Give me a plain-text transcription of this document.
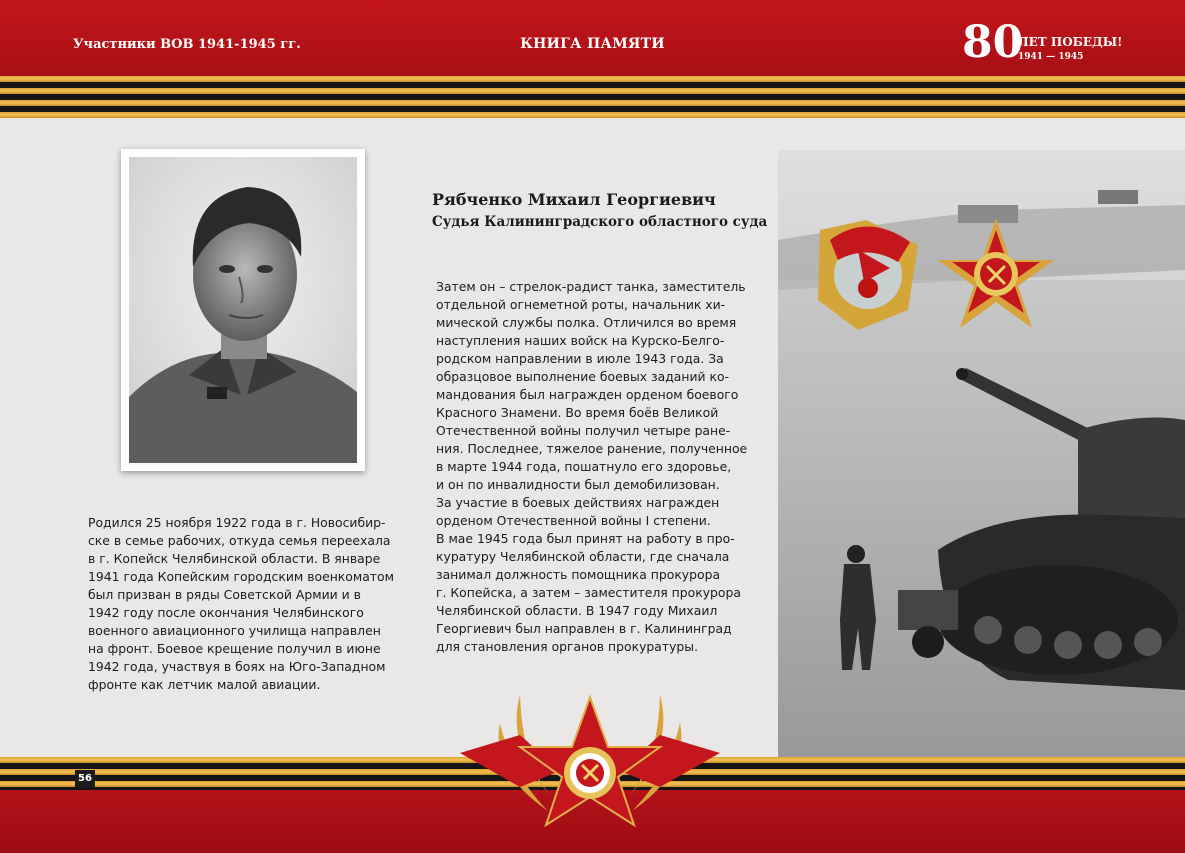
Участники ВОВ 1941-1945 гг.	КНИГА ПАМЯТИ	80
ЛЕТ ПОБЕДЫ!
1941 — 1945
Рябченко Михаил Георгиевич
Судья Калининградского областного суда
Родился 25 ноября 1922 года в г. Новосибир-
ске в семье рабочих, откуда семья переехала
в г. Копейск Челябинской области. В январе
1941 года Копейским городским военкоматом
был призван в ряды Советской Армии и в
1942 году после окончания Челябинского
военного авиационного училища направлен
на фронт. Боевое крещение получил в июне
1942 года, участвуя в боях на Юго-Западном
фронте как летчик малой авиации.
Затем он – стрелок-радист танка, заместитель
отдельной огнеметной роты, начальник хи-
мической службы полка. Отличился во время
наступления наших войск на Курско-Белго-
родском направлении в июле 1943 года. За
образцовое выполнение боевых заданий ко-
мандования был награжден орденом боевого
Красного Знамени. Во время боёв Великой
Отечественной войны получил четыре ране-
ния. Последнее, тяжелое ранение, полученное
в марте 1944 года, пошатнуло его здоровье,
и он по инвалидности был демобилизован.
За участие в боевых действиях награжден
орденом Отечественной войны I степени.
В мае 1945 года был принят на работу в про-
куратуру Челябинской области, где сначала
занимал должность помощника прокурора
г. Копейска, а затем – заместителя прокурора
Челябинской области. В 1947 году Михаил
Георгиевич был направлен в г. Калининград
для становления органов прокуратуры.
56
